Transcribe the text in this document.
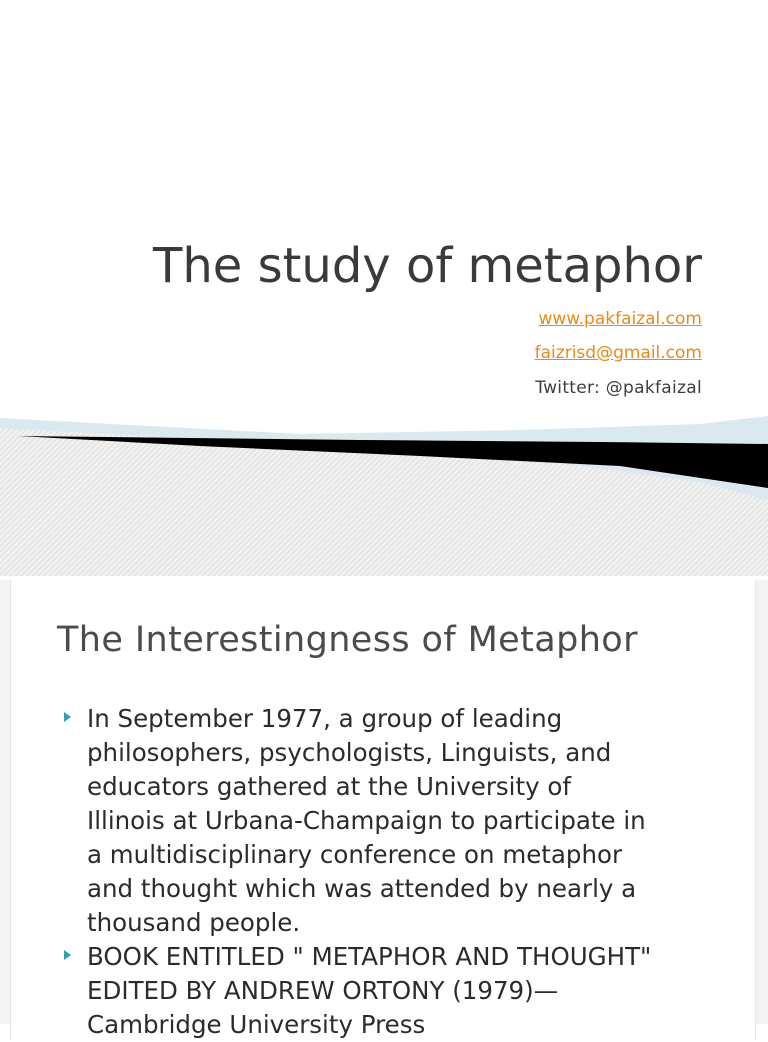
The study of metaphor
www.pakfaizal.com
faizrisd@gmail.com
Twitter: @pakfaizal
The Interestingness of Metaphor
In September 1977, a group of leading
philosophers, psychologists, Linguists, and
educators gathered at the University of
Illinois at Urbana-Champaign to participate in
a multidisciplinary conference on metaphor
and thought which was attended by nearly a
thousand people.
BOOK ENTITLED " METAPHOR AND THOUGHT"
EDITED BY ANDREW ORTONY (1979)—
Cambridge University Press
